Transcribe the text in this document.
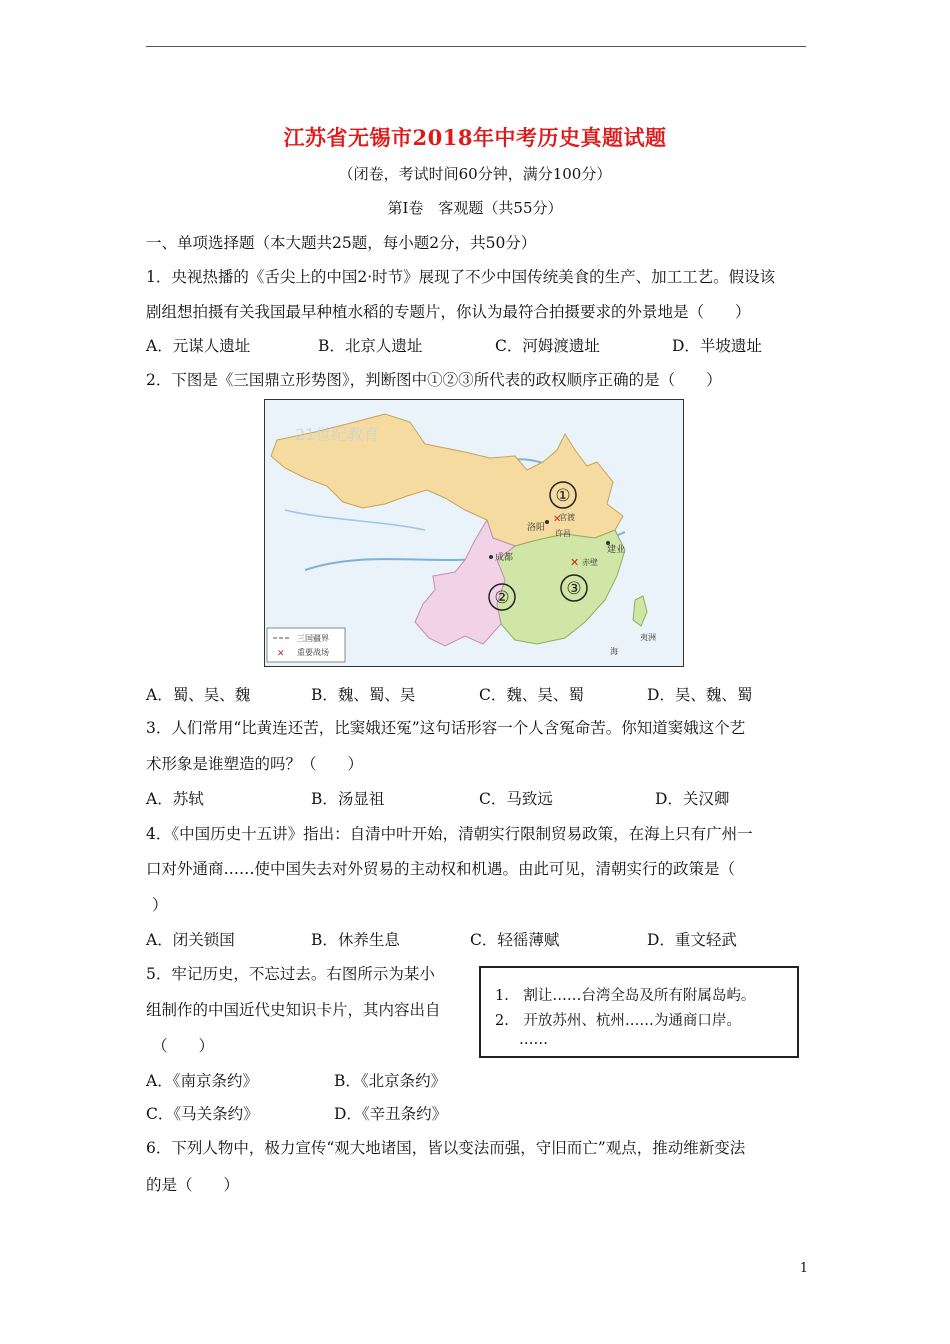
江苏省无锡市2018年中考历史真题试题
（闭卷，考试时间60分钟，满分100分）
第Ⅰ卷　客观题（共55分）
一、单项选择题（本大题共25题，每小题2分，共50分）
1．央视热播的《舌尖上的中国2·时节》展现了不少中国传统美食的生产、加工工艺。假设该
剧组想拍摄有关我国最早种植水稻的专题片，你认为最符合拍摄要求的外景地是（　　）
A．元谋人遗址	B．北京人遗址	C．河姆渡遗址	D．半坡遗址
2．下图是《三国鼎立形势图》，判断图中①②③所代表的政权顺序正确的是（　　）
①
②	③
洛阳
官渡
许昌
成都
建业
✕ 赤壁
✕
夷洲
海
21世纪教育
三国疆界
✕ 重要战场
A．蜀、吴、魏	B．魏、蜀、吴	C．魏、吴、蜀	D．吴、魏、蜀
3．人们常用“比黄连还苦，比窦娥还冤”这句话形容一个人含冤命苦。你知道窦娥这个艺
术形象是谁塑造的吗？（　　）
A．苏轼	B．汤显祖	C．马致远	D．关汉卿
4．《中国历史十五讲》指出：自清中叶开始，清朝实行限制贸易政策，在海上只有广州一
口对外通商……使中国失去对外贸易的主动权和机遇。由此可见，清朝实行的政策是（
）
A．闭关锁国	B．休养生息	C．轻徭薄赋	D．重文轻武
5．牢记历史，不忘过去。右图所示为某小
组制作的中国近代史知识卡片，其内容出自
（　　）
1.　割让……台湾全岛及所有附属岛屿。
2.　开放苏州、杭州……为通商口岸。
……
A．《南京条约》	B．《北京条约》
C．《马关条约》	D．《辛丑条约》
6．下列人物中，极力宣传“观大地诸国，皆以变法而强，守旧而亡”观点，推动维新变法
的是（　　）
1
